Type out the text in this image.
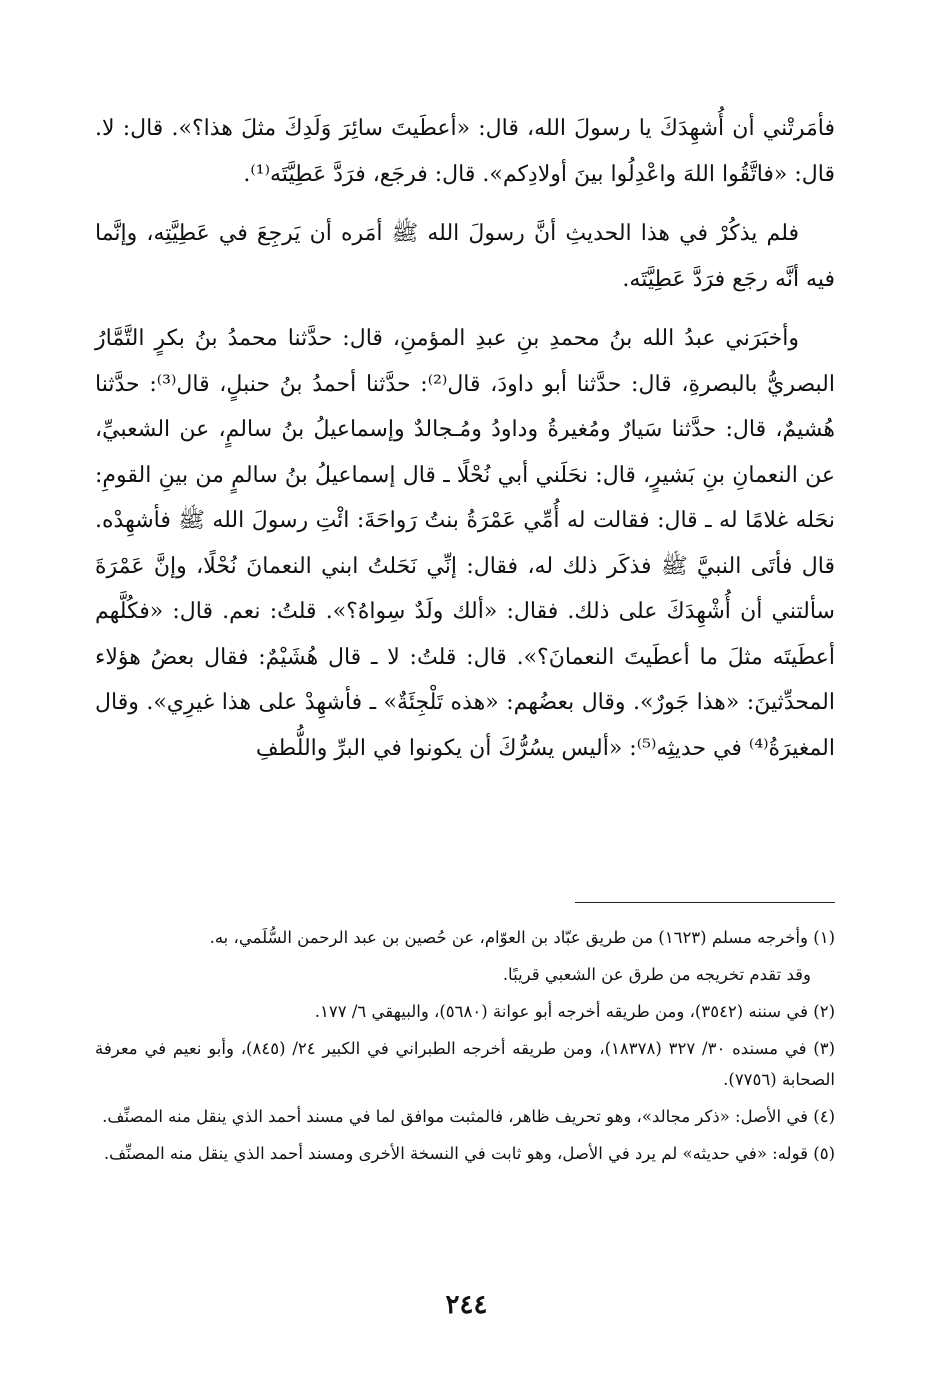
فأمَرتْني أن أُشهِدَكَ يا رسولَ الله، قال: «أعطَيتَ سائِرَ وَلَدِكَ مثلَ هذا؟». قال: لا. قال: «فاتَّقُوا اللهَ واعْدِلُوا بينَ أولادِكم». قال: فرجَع، فرَدَّ عَطِيَّتَه⁽¹⁾.

فلم يذكُرْ في هذا الحديثِ أنَّ رسولَ الله ﷺ أمَره أن يَرجِعَ في عَطِيَّتِه، وإنَّما فيه أنَّه رجَع فرَدَّ عَطِيَّتَه.

وأخبَرَني عبدُ الله بنُ محمدِ بنِ عبدِ المؤمنِ، قال: حدَّثنا محمدُ بنُ بكرٍ التَّمَّارُ البصريُّ بالبصرةِ، قال: حدَّثنا أبو داودَ، قال⁽²⁾: حدَّثنا أحمدُ بنُ حنبلٍ، قال⁽³⁾: حدَّثنا هُشيمٌ، قال: حدَّثنا سَيارٌ ومُغيرةُ وداودُ ومُـجالدٌ وإسماعيلُ بنُ سالمٍ، عن الشعبيِّ، عن النعمانِ بنِ بَشيرٍ، قال: نحَلَني أبي نُحْلًا ـ قال إسماعيلُ بنُ سالمٍ من بينِ القومِ: نحَله غلامًا له ـ قال: فقالت له أُمِّي عَمْرَةُ بنتُ رَواحَةَ: ائْتِ رسولَ الله ﷺ فأشهِدْه. قال فأتَى النبيَّ ﷺ فذكَر ذلك له، فقال: إنِّي نَحَلتُ ابني النعمانَ نُحْلًا، وإنَّ عَمْرَةَ سألتني أن أُشْهِدَكَ على ذلك. فقال: «ألك ولَدٌ سِواهُ؟». قلتُ: نعم. قال: «فكُلَّهم أعطَيتَه مثلَ ما أعطَيتَ النعمانَ؟». قال: قلتُ: لا ـ قال هُشَيْمٌ: فقال بعضُ هؤلاء المحدِّثينَ: «هذا جَورٌ». وقال بعضُهم: «هذه تَلْجِئَةٌ» ـ فأشهِدْ على هذا غيرِي». وقال المغيرَةُ⁽⁴⁾ في حديثِه⁽⁵⁾: «أليس يسُرُّكَ أن يكونوا في البرِّ واللُّطفِ

(١) وأخرجه مسلم (١٦٢٣) من طريق عبّاد بن العوّام، عن حُصين بن عبد الرحمن السُّلَمي، به.

وقد تقدم تخريجه من طرق عن الشعبي قريبًا.

(٢) في سننه (٣٥٤٢)، ومن طريقه أخرجه أبو عوانة (٥٦٨٠)، والبيهقي ٦/ ١٧٧.

(٣) في مسنده ٣٠/ ٣٢٧ (١٨٣٧٨)، ومن طريقه أخرجه الطبراني في الكبير ٢٤/ (٨٤٥)، وأبو نعيم في معرفة الصحابة (٧٧٥٦).

(٤) في الأصل: «ذكر مجالد»، وهو تحريف ظاهر، فالمثبت موافق لما في مسند أحمد الذي ينقل منه المصنِّف.

(٥) قوله: «في حديثه» لم يرد في الأصل، وهو ثابت في النسخة الأخرى ومسند أحمد الذي ينقل منه المصنِّف.

٢٤٤
